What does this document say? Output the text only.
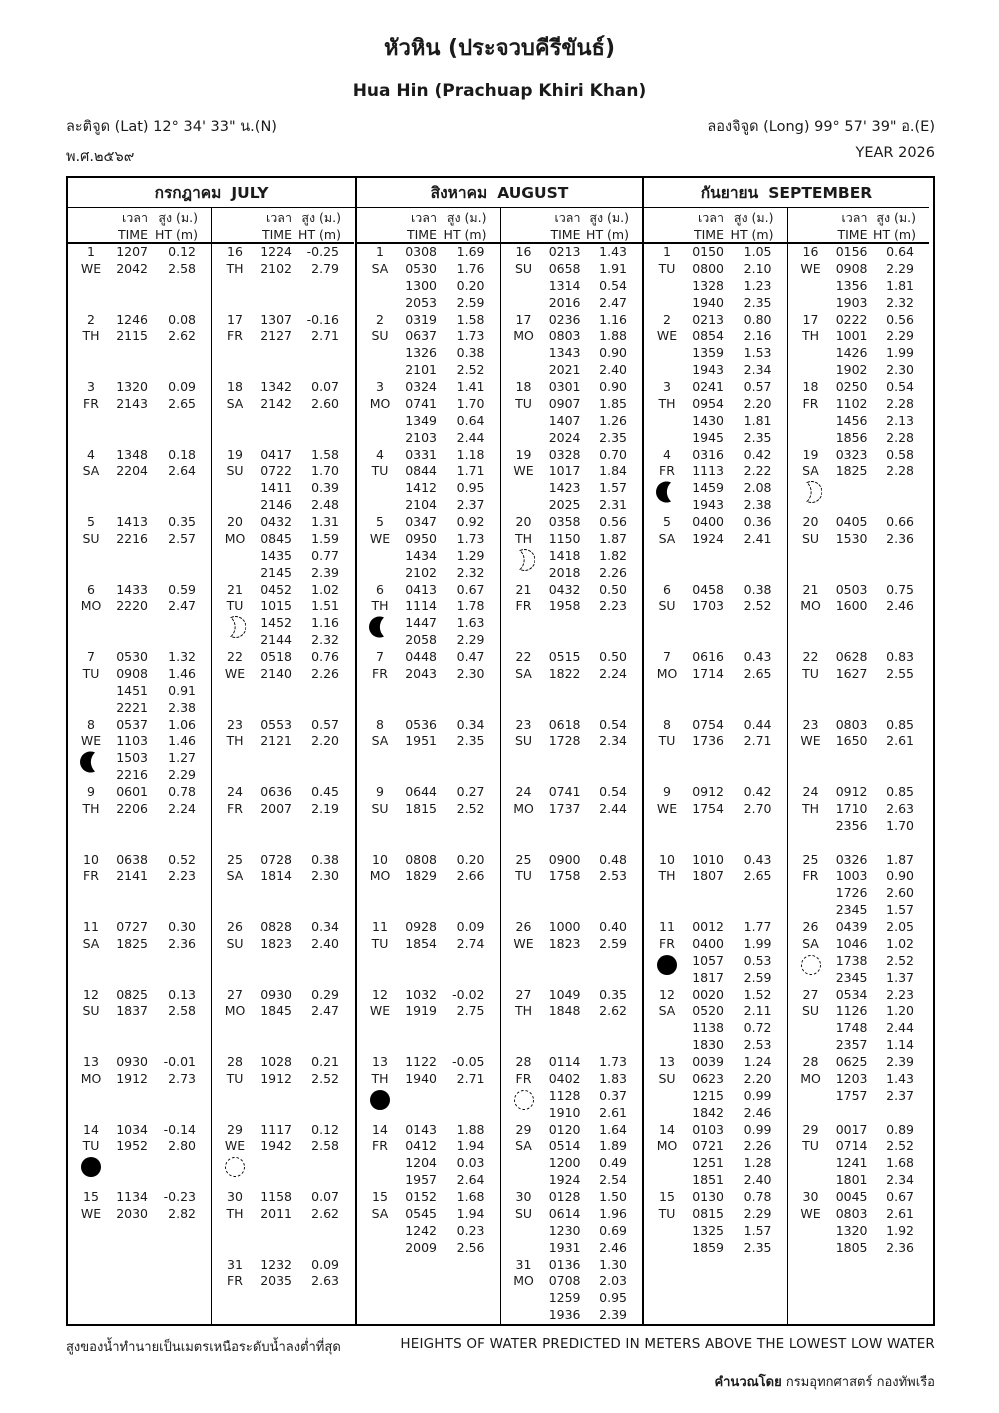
หัวหิน (ประจวบคีรีขันธ์)
Hua Hin (Prachuap Khiri Khan)
ละติจูด (Lat) 12° 34' 33" น.(N)	ลองจิจูด (Long) 99° 57' 39" อ.(E)
พ.ศ.๒๕๖๙	YEAR 2026
กรกฎาคม JULY
เวลา สูง (ม.)
TIME HT (m)
1
WE
1207	0.12
2042	2.58
2
TH
1246	0.08
2115	2.62
3
FR
1320	0.09
2143	2.65
4
SA
1348	0.18
2204	2.64
5
SU
1413	0.35
2216	2.57
6
MO
1433	0.59
2220	2.47
7
TU
0530	1.32
0908	1.46
1451	0.91
2221	2.38
8
WE
0537	1.06
1103	1.46
1503	1.27
2216	2.29
9
TH
0601	0.78
2206	2.24
10
FR
0638	0.52
2141	2.23
11
SA
0727	0.30
1825	2.36
12
SU
0825	0.13
1837	2.58
13
MO
0930	-0.01
1912	2.73
14
TU
1034	-0.14
1952	2.80
15
WE
1134	-0.23
2030	2.82
เวลา สูง (ม.)
TIME HT (m)
16
TH
1224	-0.25
2102	2.79
17
FR
1307	-0.16
2127	2.71
18
SA
1342	0.07
2142	2.60
19
SU
0417	1.58
0722	1.70
1411	0.39
2146	2.48
20
MO
0432	1.31
0845	1.59
1435	0.77
2145	2.39
21
TU
0452	1.02
1015	1.51
1452	1.16
2144	2.32
22
WE
0518	0.76
2140	2.26
23
TH
0553	0.57
2121	2.20
24
FR
0636	0.45
2007	2.19
25
SA
0728	0.38
1814	2.30
26
SU
0828	0.34
1823	2.40
27
MO
0930	0.29
1845	2.47
28
TU
1028	0.21
1912	2.52
29
WE
1117	0.12
1942	2.58
30
TH
1158	0.07
2011	2.62
31
FR
1232	0.09
2035	2.63
สิงหาคม AUGUST
เวลา สูง (ม.)
TIME HT (m)
1
SA
0308	1.69
0530	1.76
1300	0.20
2053	2.59
2
SU
0319	1.58
0637	1.73
1326	0.38
2101	2.52
3
MO
0324	1.41
0741	1.70
1349	0.64
2103	2.44
4
TU
0331	1.18
0844	1.71
1412	0.95
2104	2.37
5
WE
0347	0.92
0950	1.73
1434	1.29
2102	2.32
6
TH
0413	0.67
1114	1.78
1447	1.63
2058	2.29
7
FR
0448	0.47
2043	2.30
8
SA
0536	0.34
1951	2.35
9
SU
0644	0.27
1815	2.52
10
MO
0808	0.20
1829	2.66
11
TU
0928	0.09
1854	2.74
12
WE
1032	-0.02
1919	2.75
13
TH
1122	-0.05
1940	2.71
14
FR
0143	1.88
0412	1.94
1204	0.03
1957	2.64
15
SA
0152	1.68
0545	1.94
1242	0.23
2009	2.56
เวลา สูง (ม.)
TIME HT (m)
16
SU
0213	1.43
0658	1.91
1314	0.54
2016	2.47
17
MO
0236	1.16
0803	1.88
1343	0.90
2021	2.40
18
TU
0301	0.90
0907	1.85
1407	1.26
2024	2.35
19
WE
0328	0.70
1017	1.84
1423	1.57
2025	2.31
20
TH
0358	0.56
1150	1.87
1418	1.82
2018	2.26
21
FR
0432	0.50
1958	2.23
22
SA
0515	0.50
1822	2.24
23
SU
0618	0.54
1728	2.34
24
MO
0741	0.54
1737	2.44
25
TU
0900	0.48
1758	2.53
26
WE
1000	0.40
1823	2.59
27
TH
1049	0.35
1848	2.62
28
FR
0114	1.73
0402	1.83
1128	0.37
1910	2.61
29
SA
0120	1.64
0514	1.89
1200	0.49
1924	2.54
30
SU
0128	1.50
0614	1.96
1230	0.69
1931	2.46
31
MO
0136	1.30
0708	2.03
1259	0.95
1936	2.39
กันยายน SEPTEMBER
เวลา สูง (ม.)
TIME HT (m)
1
TU
0150	1.05
0800	2.10
1328	1.23
1940	2.35
2
WE
0213	0.80
0854	2.16
1359	1.53
1943	2.34
3
TH
0241	0.57
0954	2.20
1430	1.81
1945	2.35
4
FR
0316	0.42
1113	2.22
1459	2.08
1943	2.38
5
SA
0400	0.36
1924	2.41
6
SU
0458	0.38
1703	2.52
7
MO
0616	0.43
1714	2.65
8
TU
0754	0.44
1736	2.71
9
WE
0912	0.42
1754	2.70
10
TH
1010	0.43
1807	2.65
11
FR
0012	1.77
0400	1.99
1057	0.53
1817	2.59
12
SA
0020	1.52
0520	2.11
1138	0.72
1830	2.53
13
SU
0039	1.24
0623	2.20
1215	0.99
1842	2.46
14
MO
0103	0.99
0721	2.26
1251	1.28
1851	2.40
15
TU
0130	0.78
0815	2.29
1325	1.57
1859	2.35
เวลา สูง (ม.)
TIME HT (m)
16
WE
0156	0.64
0908	2.29
1356	1.81
1903	2.32
17
TH
0222	0.56
1001	2.29
1426	1.99
1902	2.30
18
FR
0250	0.54
1102	2.28
1456	2.13
1856	2.28
19
SA
0323	0.58
1825	2.28
20
SU
0405	0.66
1530	2.36
21
MO
0503	0.75
1600	2.46
22
TU
0628	0.83
1627	2.55
23
WE
0803	0.85
1650	2.61
24
TH
0912	0.85
1710	2.63
2356	1.70
25
FR
0326	1.87
1003	0.90
1726	2.60
2345	1.57
26
SA
0439	2.05
1046	1.02
1738	2.52
2345	1.37
27
SU
0534	2.23
1126	1.20
1748	2.44
2357	1.14
28
MO
0625	2.39
1203	1.43
1757	2.37
29
TU
0017	0.89
0714	2.52
1241	1.68
1801	2.34
30
WE
0045	0.67
0803	2.61
1320	1.92
1805	2.36
สูงของน้ำทำนายเป็นเมตรเหนือระดับน้ำลงต่ำที่สุด	HEIGHTS OF WATER PREDICTED IN METERS ABOVE THE LOWEST LOW WATER
คำนวณโดย กรมอุทกศาสตร์ กองทัพเรือ
